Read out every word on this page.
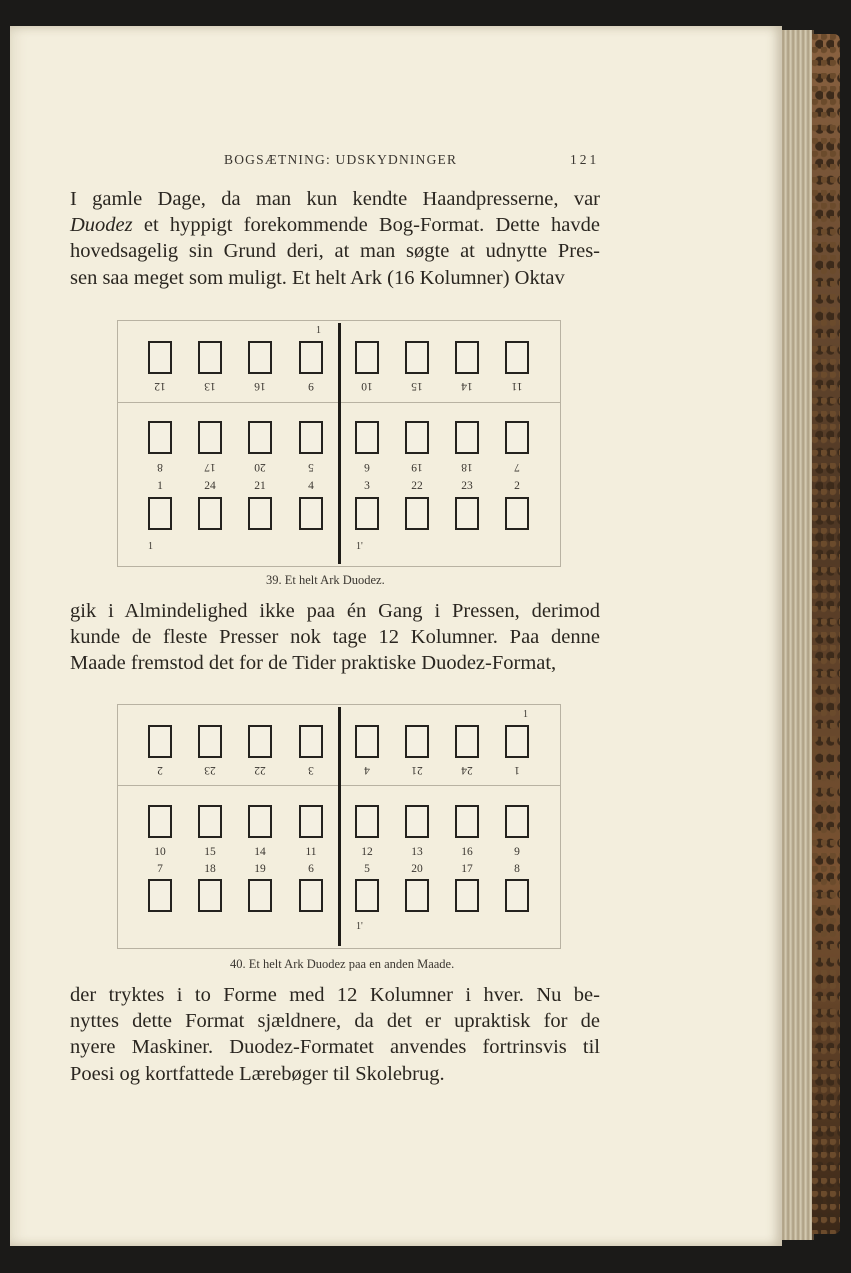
BOGSÆTNING: UDSKYDNINGER	121
I gamle Dage, da man kun kendte Haandpresserne, var
Duodez et hyppigt forekommende Bog-Format. Dette havde
hovedsagelig sin Grund deri, at man søgte at udnytte Pres-
sen saa meget som muligt. Et helt Ark (16 Kolumner) Oktav
12	13	16	9	10	15	14	11
8	17	20	5	6	19	18	7
1	24	21	4	3	22	23	2
1
1	1'
39. Et helt Ark Duodez.
gik i Almindelighed ikke paa én Gang i Pressen, derimod
kunde de fleste Presser nok tage 12 Kolumner. Paa denne
Maade fremstod det for de Tider praktiske Duodez-Format,
2	23	22	3	4	21	24	1
10	15	14	11	12	13	16	9
7	18	19	6	5	20	17	8
1
1'
40. Et helt Ark Duodez paa en anden Maade.
der tryktes i to Forme med 12 Kolumner i hver. Nu be-
nyttes dette Format sjældnere, da det er upraktisk for de
nyere Maskiner. Duodez-Formatet anvendes fortrinsvis til
Poesi og kortfattede Lærebøger til Skolebrug.
